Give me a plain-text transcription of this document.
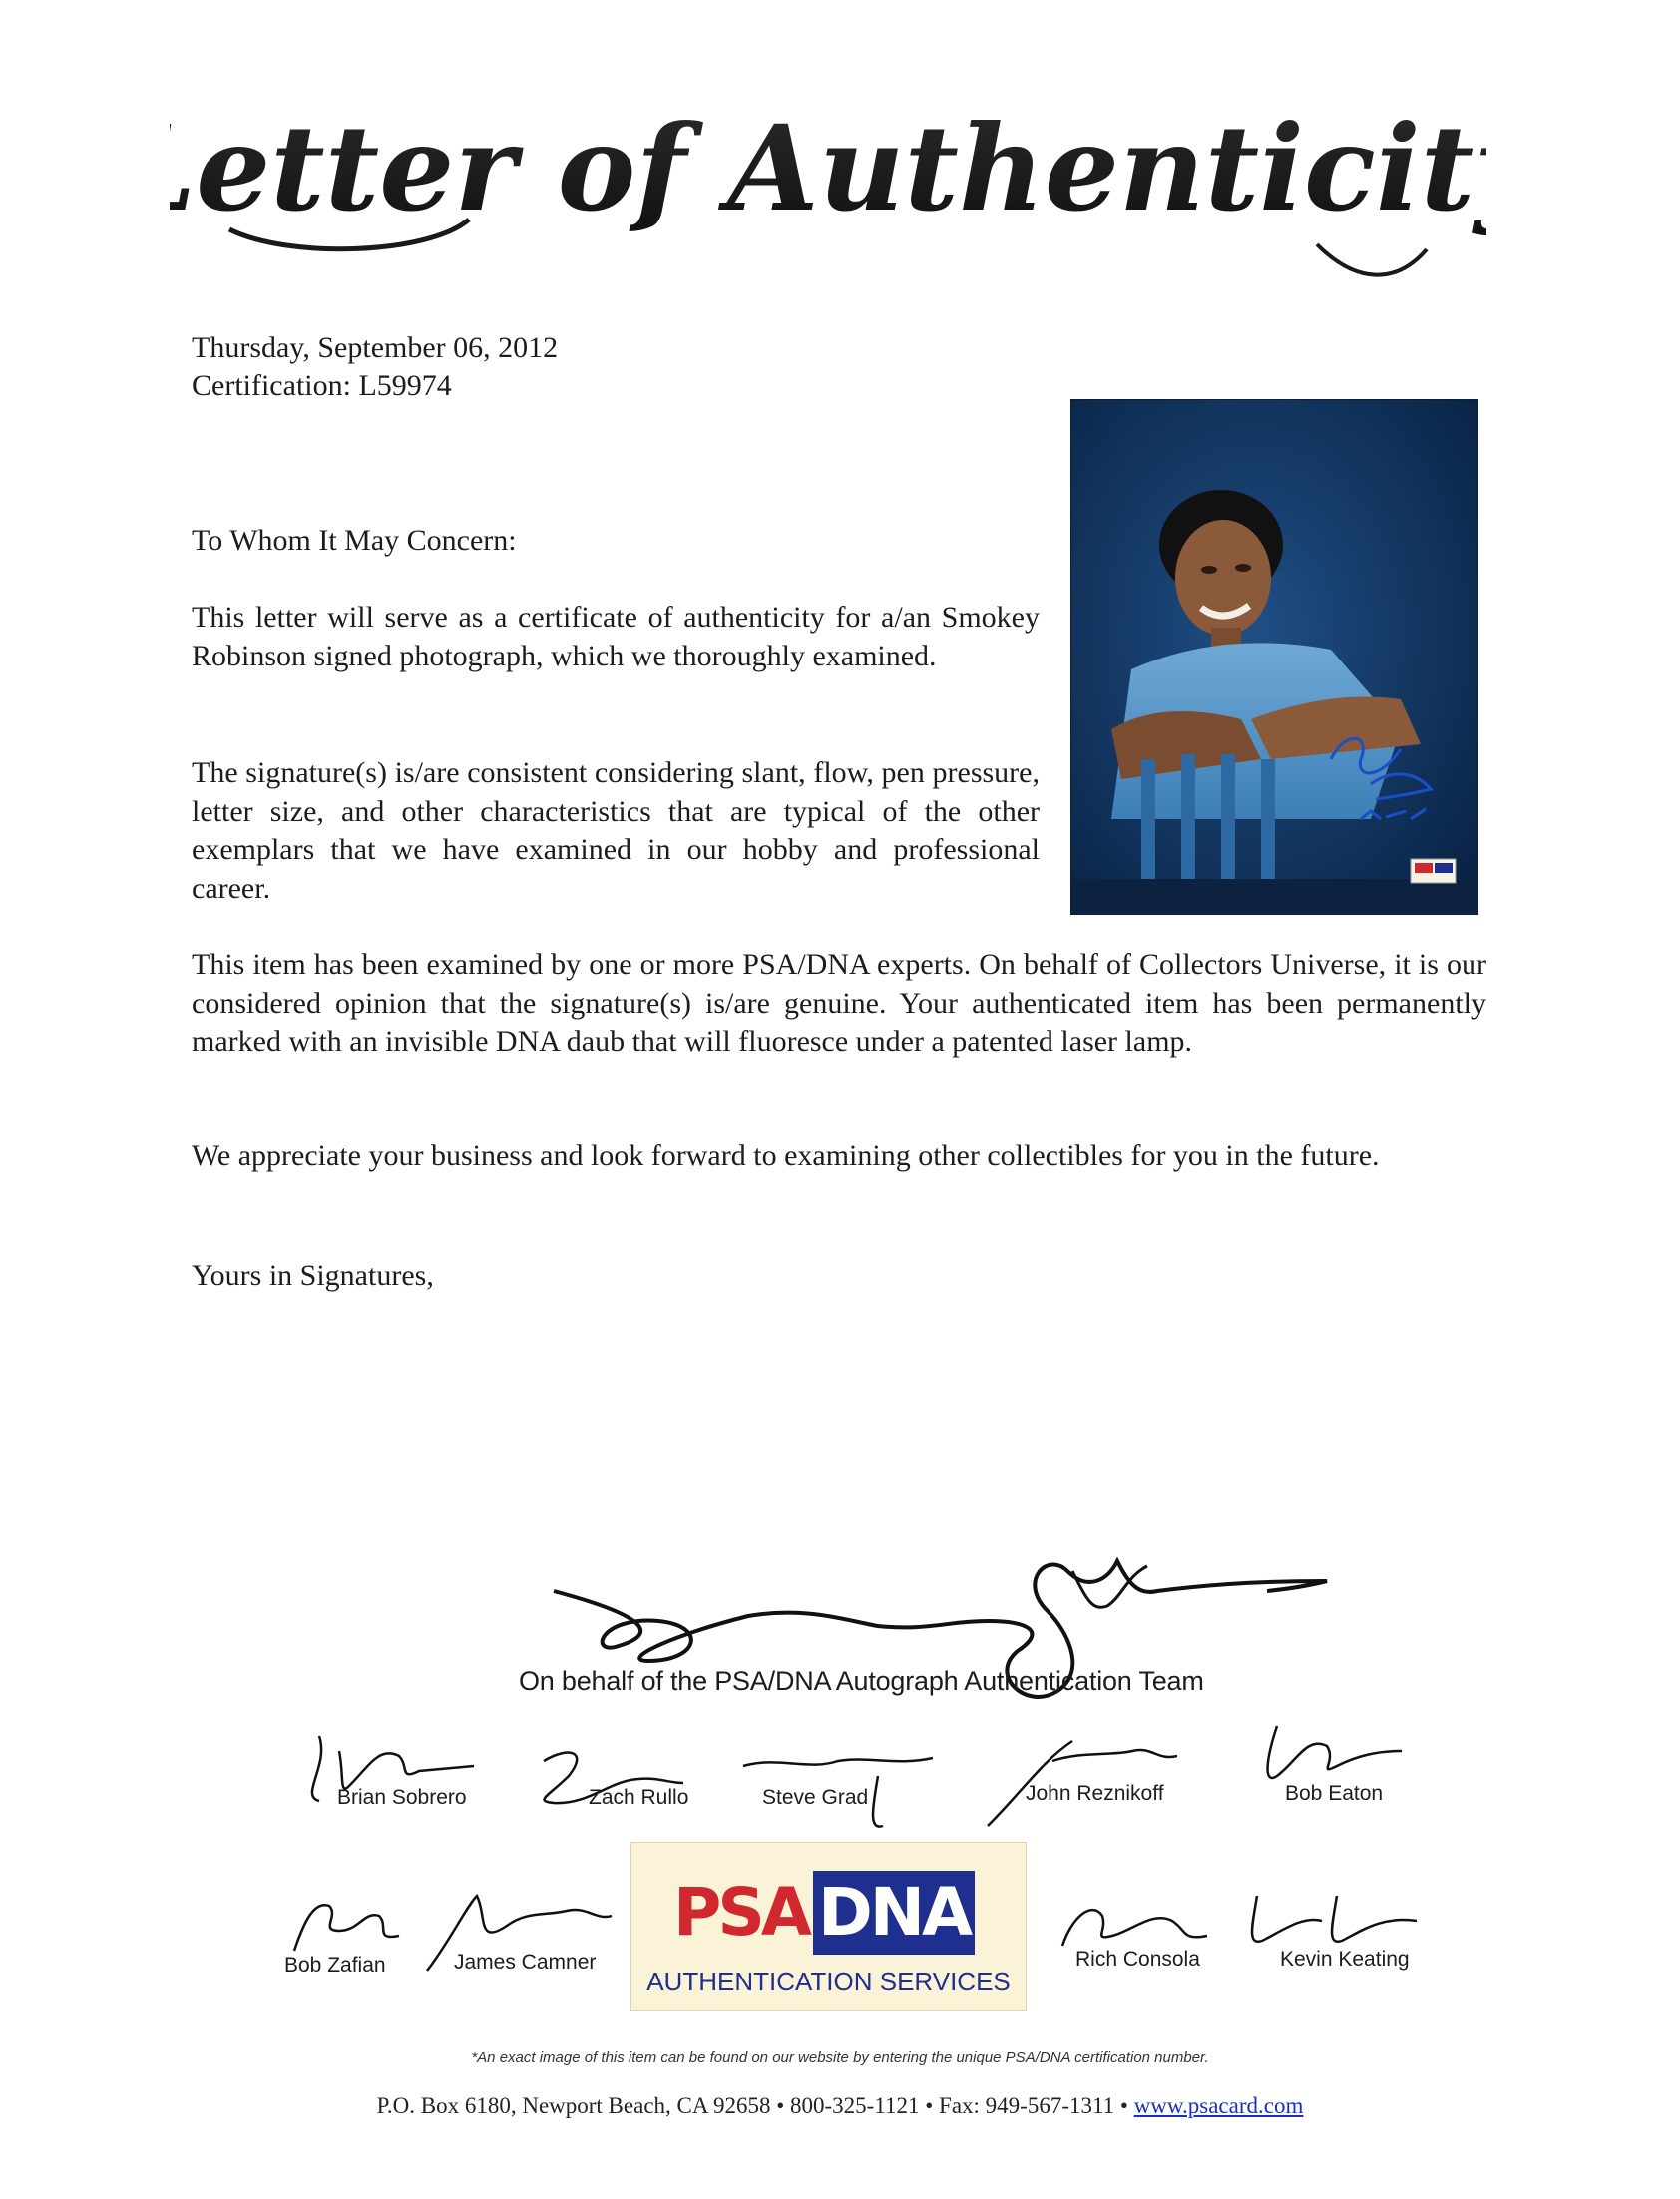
Letter of Authenticity
Thursday, September 06, 2012
Certification: L59974
To Whom It May Concern:
This letter will serve as a certificate of authenticity for a/an Smokey Robinson signed photograph, which we thoroughly examined.
The signature(s) is/are consistent considering slant, flow, pen pressure, letter size, and other characteristics that are typical of the other exemplars that we have examined in our hobby and professional career.
This item has been examined by one or more PSA/DNA experts. On behalf of Collectors Universe, it is our considered opinion that the signature(s) is/are genuine. Your authenticated item has been permanently marked with an invisible DNA daub that will fluoresce under a patented laser lamp.
We appreciate your business and look forward to examining other collectibles for you in the future.
Yours in Signatures,
On behalf of the PSA/DNA Autograph Authentication Team
Brian Sobrero	Zach Rullo	Steve Grad	John Reznikoff	Bob Eaton
Bob Zafian	James Camner	Rich Consola	Kevin Keating
PSA DNA
AUTHENTICATION SERVICES
*An exact image of this item can be found on our website by entering the unique PSA/DNA certification number.
P.O. Box 6180, Newport Beach, CA 92658 • 800-325-1121 • Fax: 949-567-1311 • www.psacard.com
